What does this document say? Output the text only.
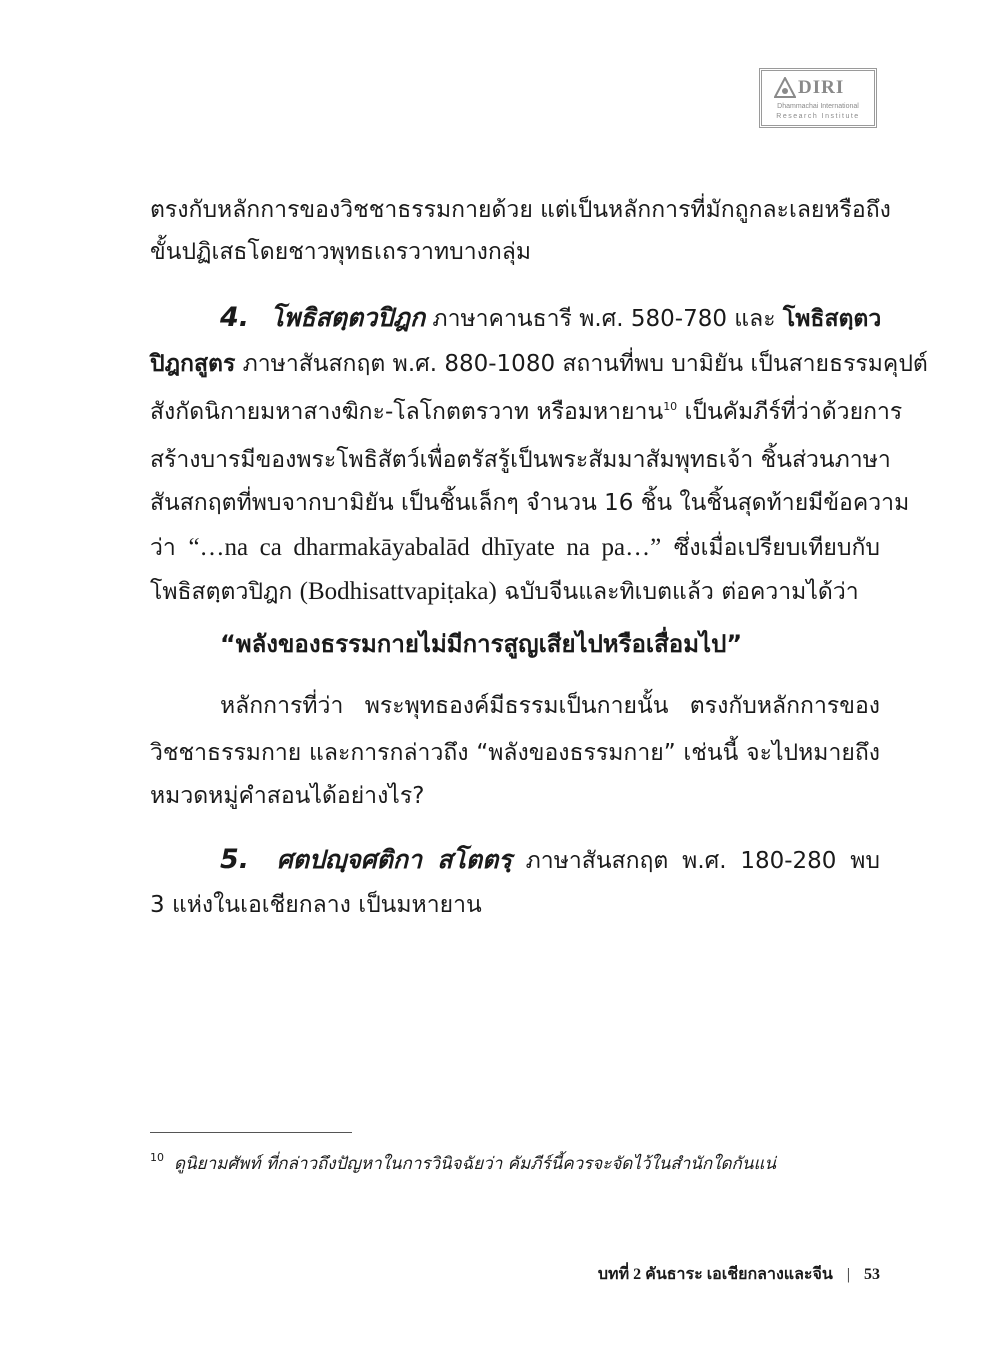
DIRI
Dhammachai International
Research Institute

ตรงกับหลักการของวิชชาธรรมกายด้วย แต่เป็นหลักการที่มักถูกละเลยหรือถึง

ขั้นปฏิเสธโดยชาวพุทธเถรวาทบางกลุ่ม

4. โพธิสตฺตวปิฎก ภาษาคานธารี พ.ศ. 580-780 และ โพธิสตฺตว

ปิฎกสูตร ภาษาสันสกฤต พ.ศ. 880-1080 สถานที่พบ บามิยัน เป็นสายธรรมคุปต์

สังกัดนิกายมหาสางฆิกะ-โลโกตตรวาท หรือมหายาน$^{10}$ เป็นคัมภีร์ที่ว่าด้วยการ

สร้างบารมีของพระโพธิสัตว์เพื่อตรัสรู้เป็นพระสัมมาสัมพุทธเจ้า ชิ้นส่วนภาษา

สันสกฤตที่พบจากบามิยัน เป็นชิ้นเล็กๆ จำนวน 16 ชิ้น ในชิ้นสุดท้ายมีข้อความ

ว่า “…na ca dharmakāyabalād dhīyate na pa…” ซึ่งเมื่อเปรียบเทียบกับ

โพธิสตฺตวปิฎก (Bodhisattvapiṭaka) ฉบับจีนและทิเบตแล้ว ต่อความได้ว่า

“พลังของธรรมกายไม่มีการสูญเสียไปหรือเสื่อมไป”

หลักการที่ว่า พระพุทธองค์มีธรรมเป็นกายนั้น ตรงกับหลักการของ

วิชชาธรรมกาย และการกล่าวถึง “พลังของธรรมกาย” เช่นนี้ จะไปหมายถึง

หมวดหมู่คำสอนได้อย่างไร?

5. ศตปญฺจศติกา สโตตรฺ ภาษาสันสกฤต พ.ศ. 180-280 พบ

3 แห่งในเอเชียกลาง เป็นมหายาน

$^{10}$ ดูนิยามศัพท์ ที่กล่าวถึงปัญหาในการวินิจฉัยว่า คัมภีร์นี้ควรจะจัดไว้ในสำนักใดกันแน่
บทที่ 2 คันธาระ เอเชียกลางและจีน | 53
